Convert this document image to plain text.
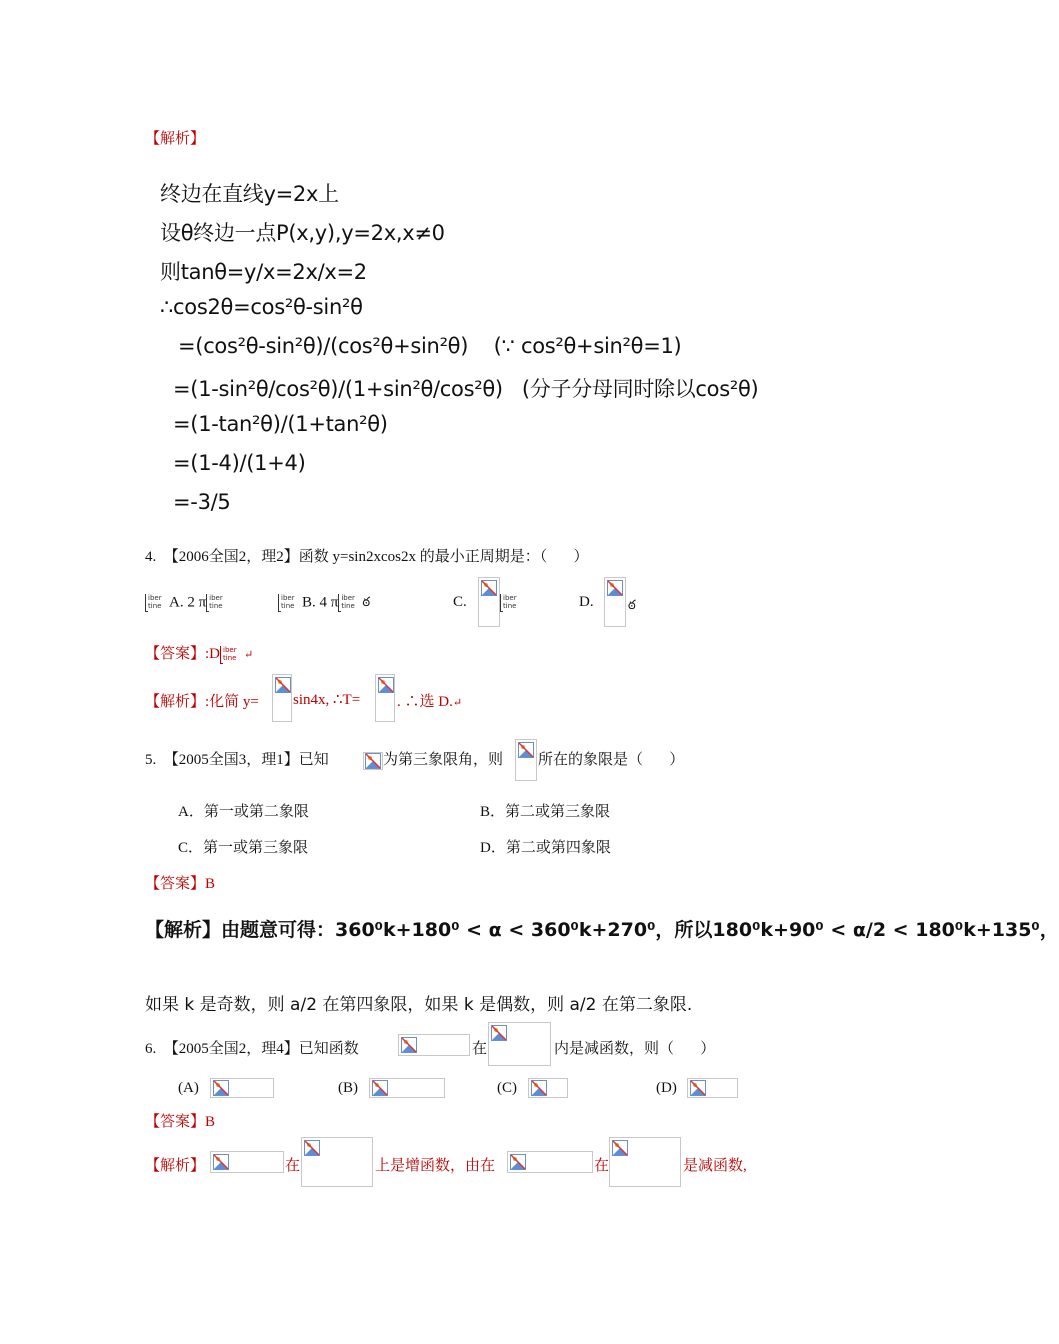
【解析】
终边在直线y=2x上
设θ终边一点P(x,y),y=2x,x≠0
则tanθ=y/x=2x/x=2
∴cos2θ=cos²θ-sin²θ
=(cos²θ-sin²θ)/(cos²θ+sin²θ)    (∵ cos²θ+sin²θ=1)
=(1-sin²θ/cos²θ)/(1+sin²θ/cos²θ)   (分子分母同时除以cos²θ)
=(1-tan²θ)/(1+tan²θ)
=(1-4)/(1+4)
=-3/5
4.  【2006全国2，理2】函数 y=sin2xcos2x 的最小正周期是：（       ）
iber
tine A. 2 π iber
tine
iber
tine B. 4 π iber
tine ఠ	C.	iber
tine	D.	ఠ
【答案】:D iber
tine ↵
【解析】:化简 y= sin4x, ∴T= . ∴选 D.↵
5.  【2005全国3，理1】已知	为第三象限角，则 所在的象限是（       ）
A．第一或第二象限	B．第二或第三象限
C．第一或第三象限	D．第二或第四象限
【答案】B
【解析】由题意可得：360⁰k+180⁰ < α < 360⁰k+270⁰，所以180⁰k+90⁰ < α/2 < 180⁰k+135⁰，
如果 k 是奇数，则 a/2 在第四象限，如果 k 是偶数，则 a/2 在第二象限.
6.  【2005全国2，理4】已知函数	在	内是减函数，则（       ）
(A)	(B)	(C)	(D)
【答案】B
【解析】	在	上是增函数，由在	在	是减函数,
